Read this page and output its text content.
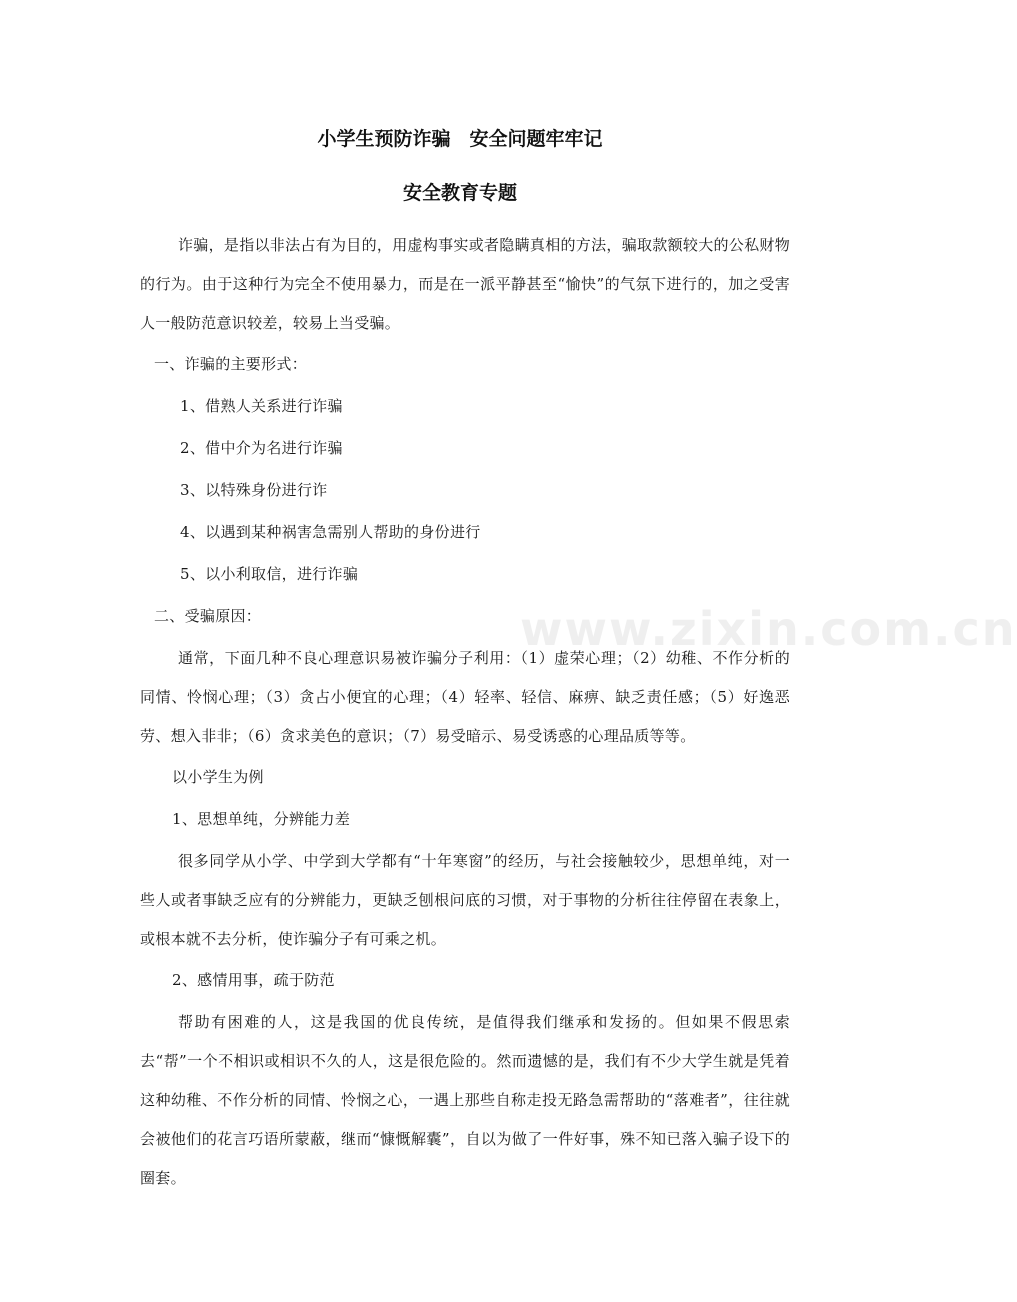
www.zixin.com.cn
小学生预防诈骗　安全问题牢牢记
安全教育专题

诈骗，是指以非法占有为目的，用虚构事实或者隐瞒真相的方法，骗取款额较大的公私财物的行为。由于这种行为完全不使用暴力，而是在一派平静甚至“愉快”的气氛下进行的，加之受害人一般防范意识较差，较易上当受骗。

一、诈骗的主要形式：

1、借熟人关系进行诈骗

2、借中介为名进行诈骗

3、以特殊身份进行诈

4、以遇到某种祸害急需别人帮助的身份进行

5、以小利取信，进行诈骗

二、受骗原因：

通常，下面几种不良心理意识易被诈骗分子利用：（1）虚荣心理；（2）幼稚、不作分析的同情、怜悯心理；（3）贪占小便宜的心理；（4）轻率、轻信、麻痹、缺乏责任感；（5）好逸恶劳、想入非非；（6）贪求美色的意识；（7）易受暗示、易受诱惑的心理品质等等。

以小学生为例

1、思想单纯，分辨能力差

很多同学从小学、中学到大学都有“十年寒窗”的经历，与社会接触较少，思想单纯，对一些人或者事缺乏应有的分辨能力，更缺乏刨根问底的习惯，对于事物的分析往往停留在表象上，或根本就不去分析，使诈骗分子有可乘之机。

2、感情用事，疏于防范

帮助有困难的人，这是我国的优良传统，是值得我们继承和发扬的。但如果不假思索去“帮”一个不相识或相识不久的人，这是很危险的。然而遗憾的是，我们有不少大学生就是凭着这种幼稚、不作分析的同情、怜悯之心，一遇上那些自称走投无路急需帮助的“落难者”，往往就会被他们的花言巧语所蒙蔽，继而“慷慨解囊”，自以为做了一件好事，殊不知已落入骗子设下的圈套。
